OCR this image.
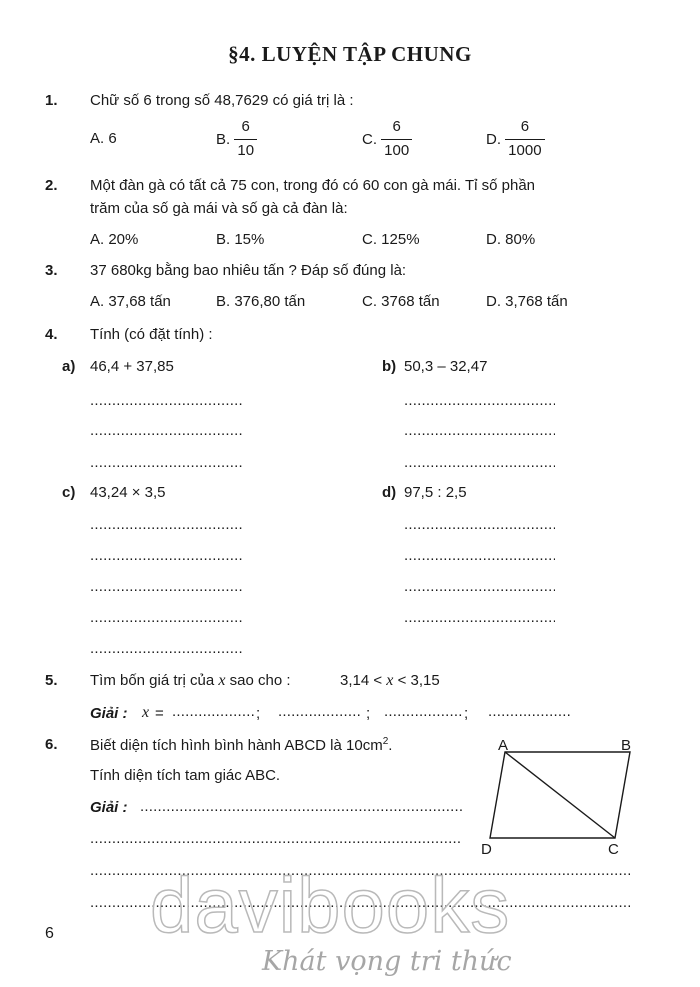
§4. LUYỆN TẬP CHUNG
1. Chữ số 6 trong số 48,7629 có giá trị là :
A. 6	B. $\frac{6}{10}$	C. $\frac{6}{100}$	D. $\frac{6}{1000}$
2. Một đàn gà có tất cả 75 con, trong đó có 60 con gà mái. Tỉ số phần
trăm của số gà mái và số gà cả đàn là:
A. 20%	B. 15%	C. 125%	D. 80%
3. 37 680kg bằng bao nhiêu tấn ? Đáp số đúng là:
A. 37,68 tấn	B. 376,80 tấn	C. 3768 tấn	D. 3,768 tấn
4. Tính (có đặt tính) :
a) 46,4 + 37,85	b) 50,3 – 32,47
.....
.....
.....
.....
.....
.....
c) 43,24 × 3,5	d) 97,5 : 2,5
.....
.....
.....
.....
.....
.....
.....
.....
.....
5. Tìm bốn giá trị của x sao cho :	3,14 < x < 3,15
Giải : x = .....	; .....	; .....	;
.....
6. Biết diện tích hình bình hành ABCD là $10cm^2$.
Tính diện tích tam giác ABC.
Giải :
.....
.....
.....
.....
A	B
C
D
6 davibooks
Khát vọng tri thức
